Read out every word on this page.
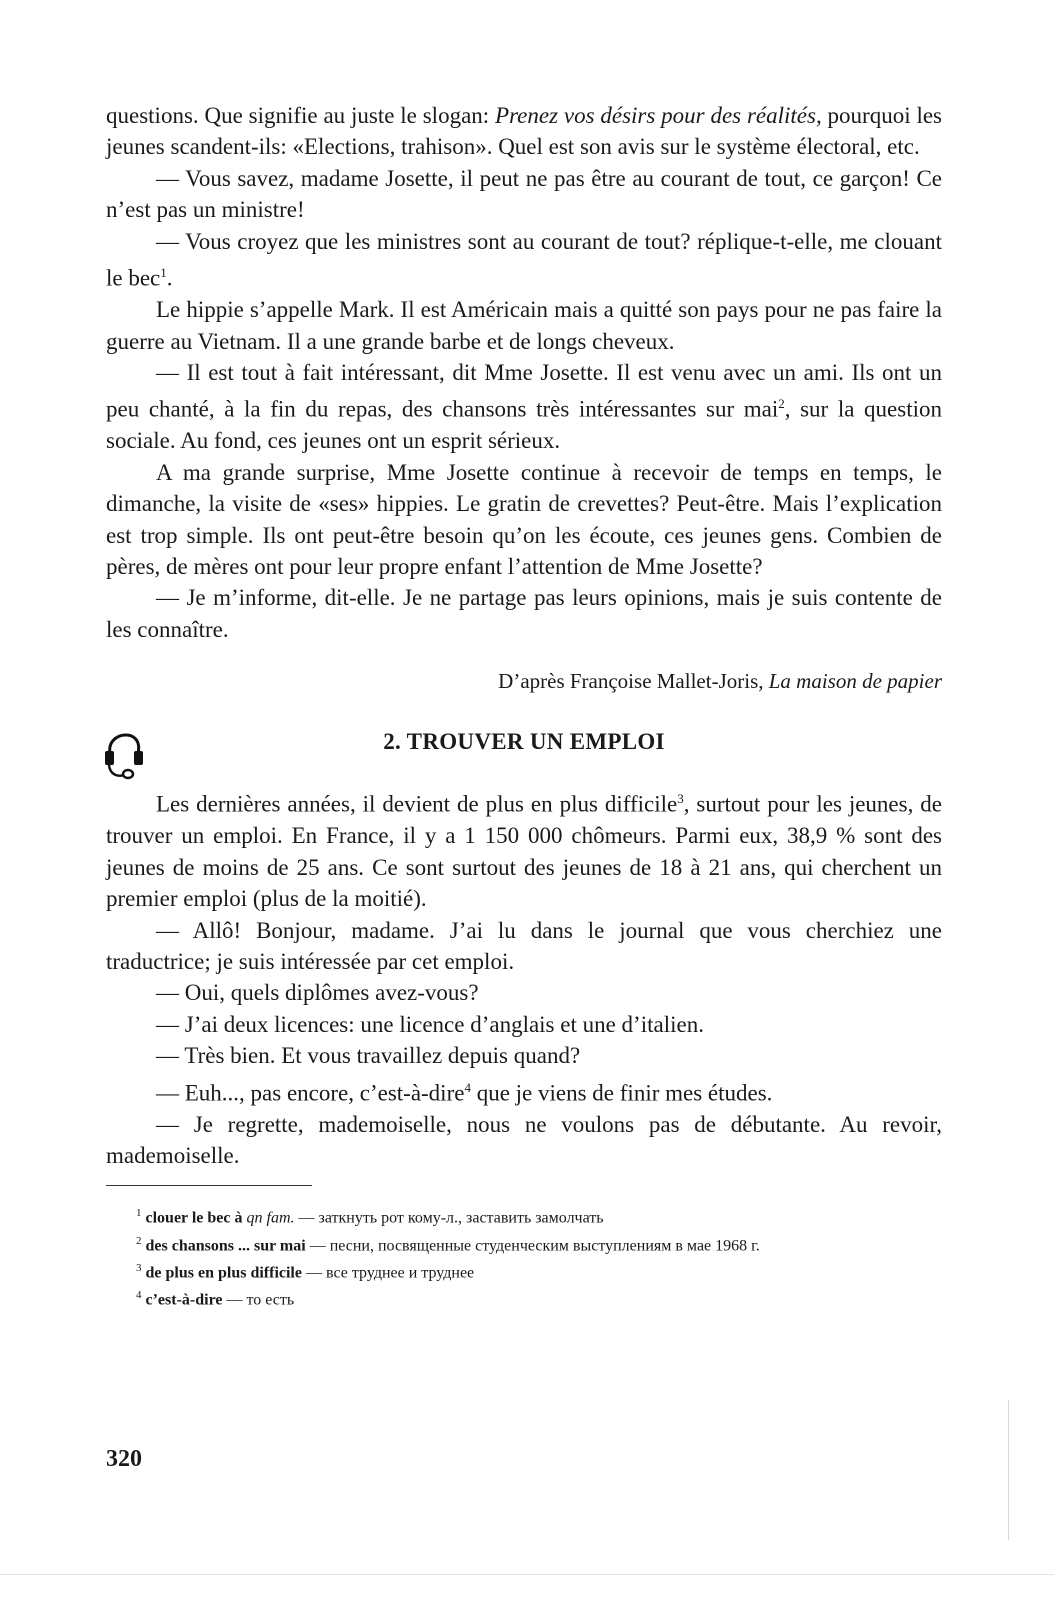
questions. Que signifie au juste le slogan: Prenez vos désirs pour des réalités, pourquoi les jeunes scandent-ils: «Elections, trahison». Quel est son avis sur le système électoral, etc.

— Vous savez, madame Josette, il peut ne pas être au courant de tout, ce garçon! Ce n’est pas un ministre!

— Vous croyez que les ministres sont au courant de tout? réplique-t-elle, me clouant le bec$^1$.

Le hippie s’appelle Mark. Il est Américain mais a quitté son pays pour ne pas faire la guerre au Vietnam. Il a une grande barbe et de longs cheveux.

— Il est tout à fait intéressant, dit Mme Josette. Il est venu avec un ami. Ils ont un peu chanté, à la fin du repas, des chansons très intéressantes sur mai$^2$, sur la question sociale. Au fond, ces jeunes ont un esprit sérieux.

A ma grande surprise, Mme Josette continue à recevoir de temps en temps, le dimanche, la visite de «ses» hippies. Le gratin de crevettes? Peut-être. Mais l’explication est trop simple. Ils ont peut-être besoin qu’on les écoute, ces jeunes gens. Combien de pères, de mères ont pour leur propre enfant l’attention de Mme Josette?

— Je m’informe, dit-elle. Je ne partage pas leurs opinions, mais je suis contente de les connaître.

D’après Françoise Mallet-Joris, La maison de papier
2. TROUVER UN EMPLOI

Les dernières années, il devient de plus en plus difficile$^3$, surtout pour les jeunes, de trouver un emploi. En France, il y a 1 150 000 chômeurs. Parmi eux, 38,9 % sont des jeunes de moins de 25 ans. Ce sont surtout des jeunes de 18 à 21 ans, qui cherchent un premier emploi (plus de la moitié).

— Allô! Bonjour, madame. J’ai lu dans le journal que vous cherchiez une traductrice; je suis intéressée par cet emploi.

— Oui, quels diplômes avez-vous?

— J’ai deux licences: une licence d’anglais et une d’italien.

— Très bien. Et vous travaillez depuis quand?

— Euh..., pas encore, c’est-à-dire$^4$ que je viens de finir mes études.

— Je regrette, mademoiselle, nous ne voulons pas de débutante. Au revoir, mademoiselle.

$^1$ clouer le bec à qn fam. — заткнуть рот кому-л., заставить замолчать

$^2$ des chansons ... sur mai — песни, посвященные студенческим выступлениям в мае 1968 г.

$^3$ de plus en plus difficile — все труднее и труднее

$^4$ c’est-à-dire — то есть

320
